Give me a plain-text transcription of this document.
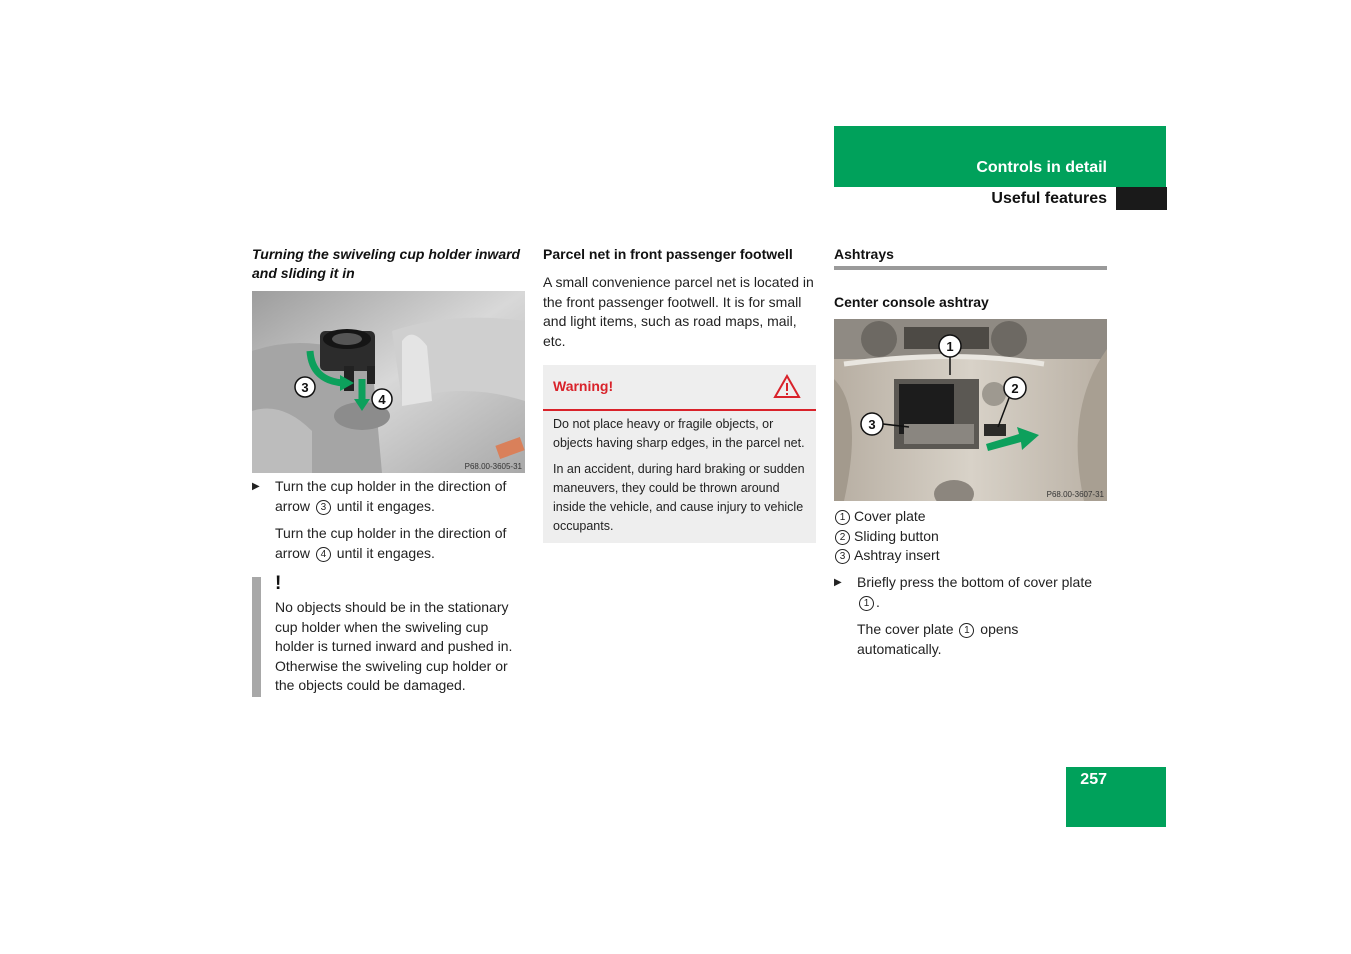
Controls in detail
Useful features
Turning the swiveling cup holder inward and sliding it in
3
4
P68.00-3605-31
▶ Turn the cup holder in the direction of arrow 3 until it engages.
Turn the cup holder in the direction of arrow 4 until it engages.
!
No objects should be in the stationary cup holder when the swiveling cup holder is turned inward and pushed in. Otherwise the swiveling cup holder or the objects could be damaged.
Parcel net in front passenger footwell
A small convenience parcel net is located in the front passenger footwell. It is for small and light items, such as road maps, mail, etc.
Warning!
Do not place heavy or fragile objects, or objects having sharp edges, in the parcel net.
In an accident, during hard braking or sudden maneuvers, they could be thrown around inside the vehicle, and cause injury to vehicle occupants.
Ashtrays
Center console ashtray
1
2
3
P68.00-3607-31
1 Cover plate
2 Sliding button
3 Ashtray insert
▶ Briefly press the bottom of cover plate 1 .
The cover plate 1 opens automatically.
257
